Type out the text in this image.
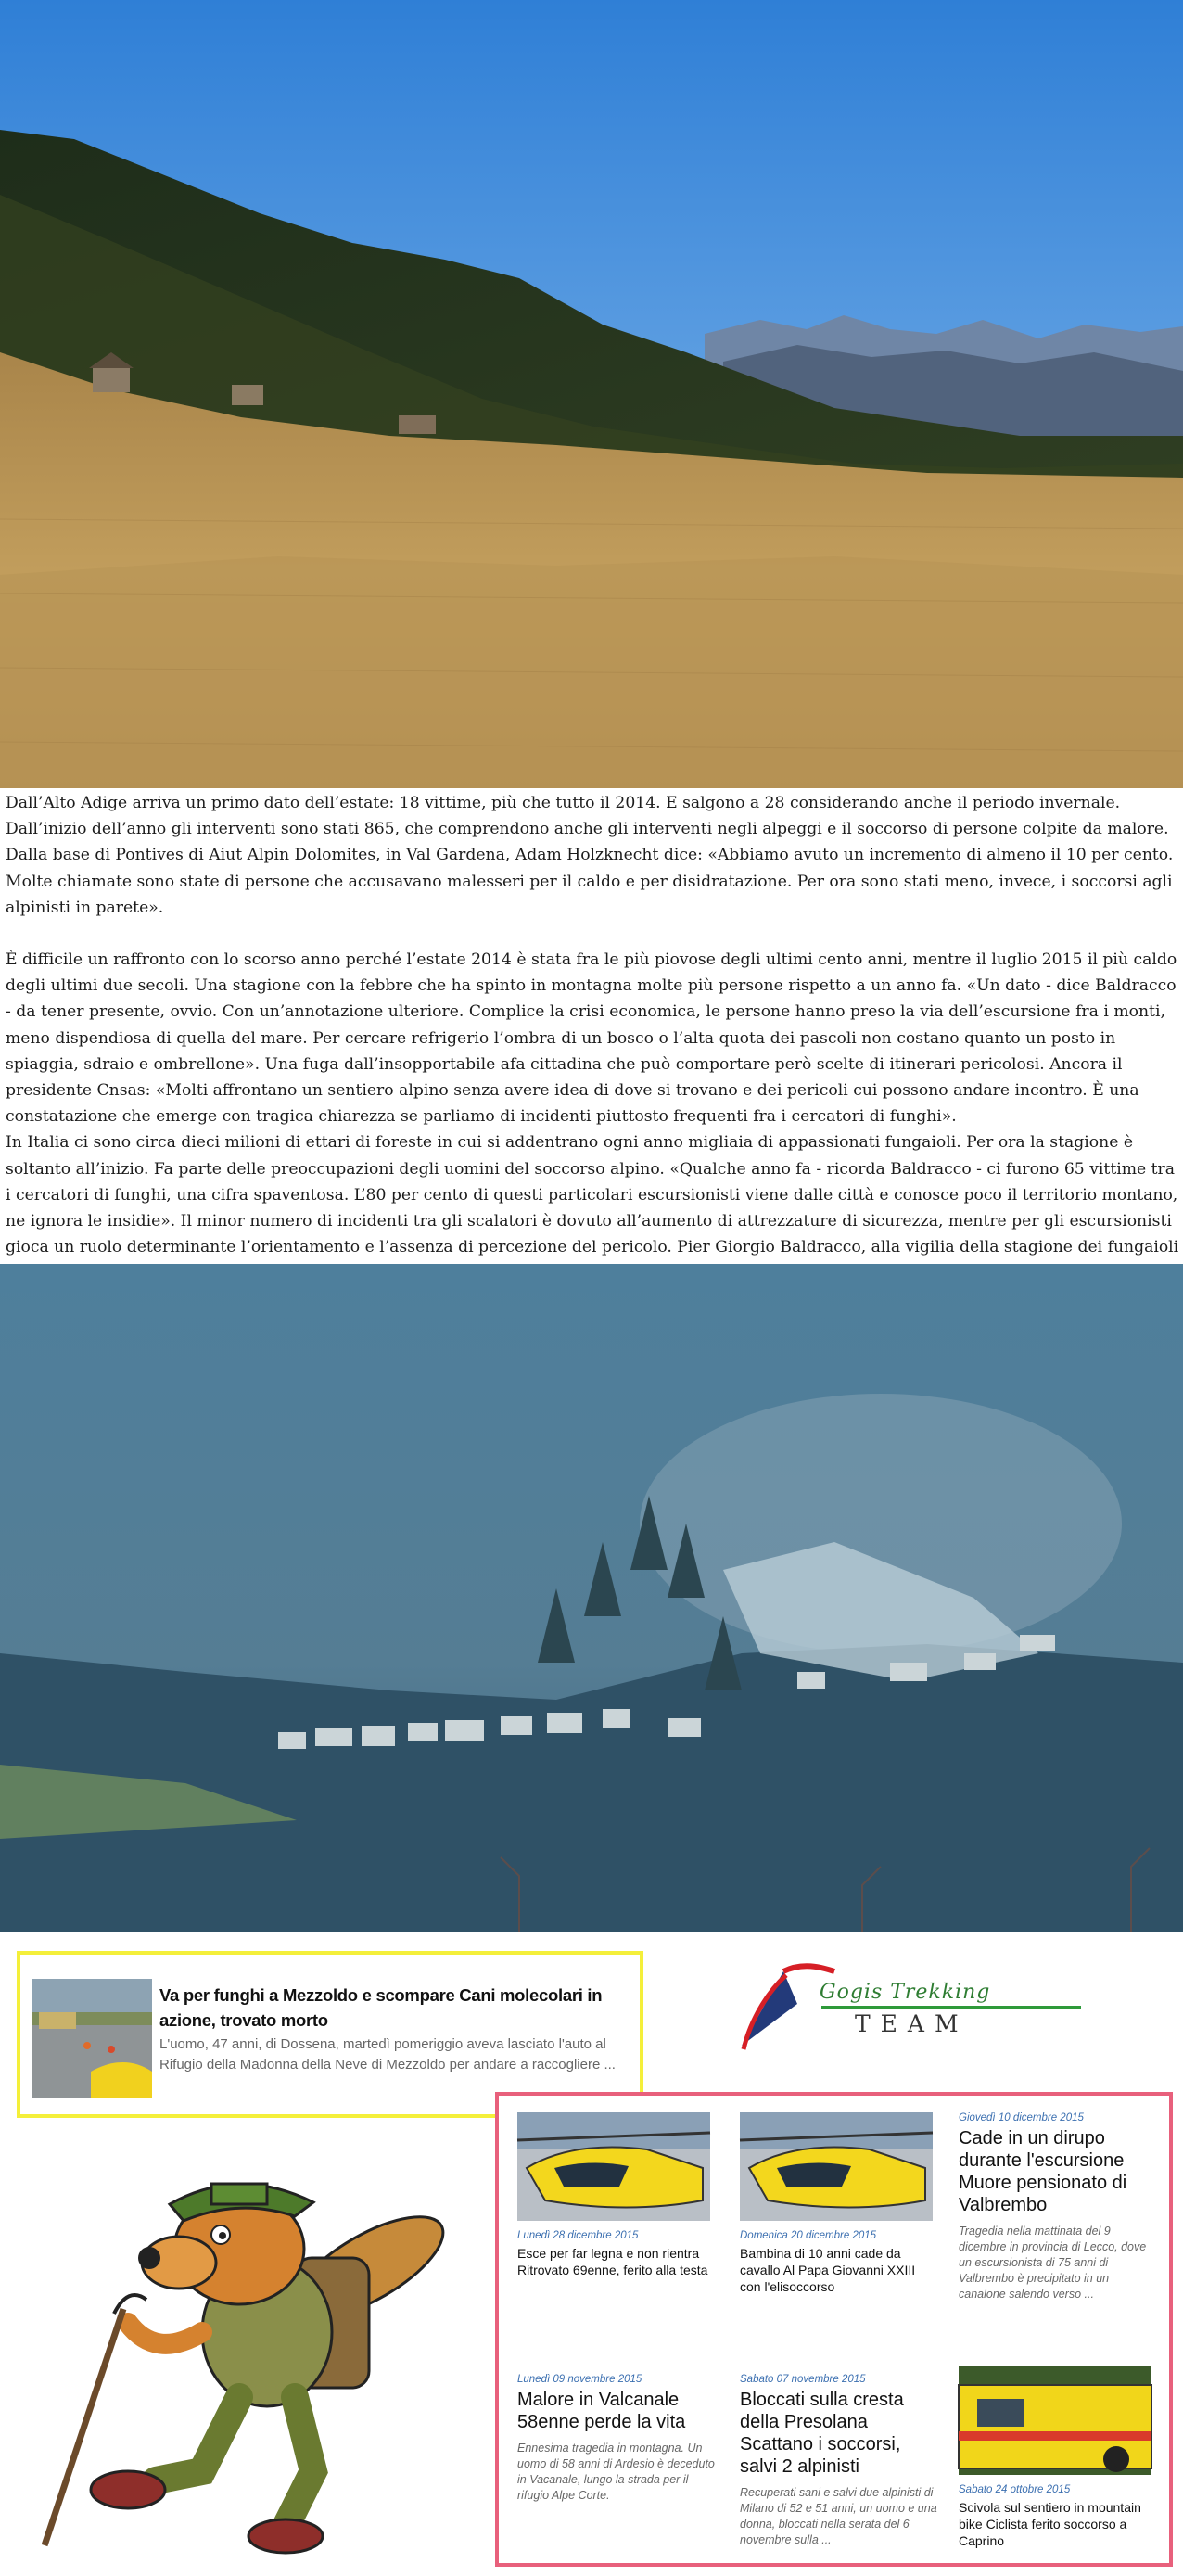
Dall’Alto Adige arriva un primo dato dell’estate: 18 vittime, più che tutto il 2014. E salgono a 28 considerando anche il periodo invernale. Dall’inizio dell’anno gli interventi sono stati 865, che comprendono anche gli interventi negli alpeggi e il soccorso di persone colpite da malore. Dalla base di Pontives di Aiut Alpin Dolomites, in Val Gardena, Adam Holzknecht dice: «Abbiamo avuto un incremento di almeno il 10 per cento. Molte chiamate sono state di persone che accusavano malesseri per il caldo e per disidratazione. Per ora sono stati meno, invece, i soccorsi agli alpinisti in parete».

È difficile un raffronto con lo scorso anno perché l’estate 2014 è stata fra le più piovose degli ultimi cento anni, mentre il luglio 2015 il più caldo degli ultimi due secoli. Una stagione con la febbre che ha spinto in montagna molte più persone rispetto a un anno fa. «Un dato - dice Baldracco - da tener presente, ovvio. Con un’annotazione ulteriore. Complice la crisi economica, le persone hanno preso la via dell’escursione fra i monti, meno dispendiosa di quella del mare. Per cercare refrigerio l’ombra di un bosco o l’alta quota dei pascoli non costano quanto un posto in spiaggia, sdraio e ombrellone». Una fuga dall’insopportabile afa cittadina che può comportare però scelte di itinerari pericolosi. Ancora il presidente Cnsas: «Molti affrontano un sentiero alpino senza avere idea di dove si trovano e dei pericoli cui possono andare incontro. È una constatazione che emerge con tragica chiarezza se parliamo di incidenti piuttosto frequenti fra i cercatori di funghi».

In Italia ci sono circa dieci milioni di ettari di foreste in cui si addentrano ogni anno migliaia di appassionati fungaioli. Per ora la stagione è soltanto all’inizio. Fa parte delle preoccupazioni degli uomini del soccorso alpino. «Qualche anno fa - ricorda Baldracco - ci furono 65 vittime tra i cercatori di funghi, una cifra spaventosa. L’80 per cento di questi particolari escursionisti viene dalle città e conosce poco il territorio montano, ne ignora le insidie». Il minor numero di incidenti tra gli scalatori è dovuto all’aumento di attrezzature di sicurezza, mentre per gli escursionisti gioca un ruolo determinante l’orientamento e l’assenza di percezione del pericolo. Pier Giorgio Baldracco, alla vigilia della stagione dei fungaioli

Va per funghi a Mezzoldo e scompare Cani molecolari in azione, trovato morto
L'uomo, 47 anni, di Dossena, martedì pomeriggio aveva lasciato l'auto al Rifugio della Madonna della Neve di Mezzoldo per andare a raccogliere ...
Gogis Trekking
TEAM
Lunedì 28 dicembre 2015
Esce per far legna e non rientra Ritrovato 69enne, ferito alla testa
Domenica 20 dicembre 2015
Bambina di 10 anni cade da cavallo Al Papa Giovanni XXIII con l'elisoccorso
Giovedì 10 dicembre 2015
Cade in un dirupo durante l'escursione Muore pensionato di Valbrembo
Tragedia nella mattinata del 9 dicembre in provincia di Lecco, dove un escursionista di 75 anni di Valbrembo è precipitato in un canalone salendo verso ...
Lunedì 09 novembre 2015
Malore in Valcanale 58enne perde la vita
Ennesima tragedia in montagna. Un uomo di 58 anni di Ardesio è deceduto in Vacanale, lungo la strada per il rifugio Alpe Corte.
Sabato 07 novembre 2015
Bloccati sulla cresta della Presolana Scattano i soccorsi, salvi 2 alpinisti
Recuperati sani e salvi due alpinisti di Milano di 52 e 51 anni, un uomo e una donna, bloccati nella serata del 6 novembre sulla ...
Sabato 24 ottobre 2015
Scivola sul sentiero in mountain bike Ciclista ferito soccorso a Caprino
